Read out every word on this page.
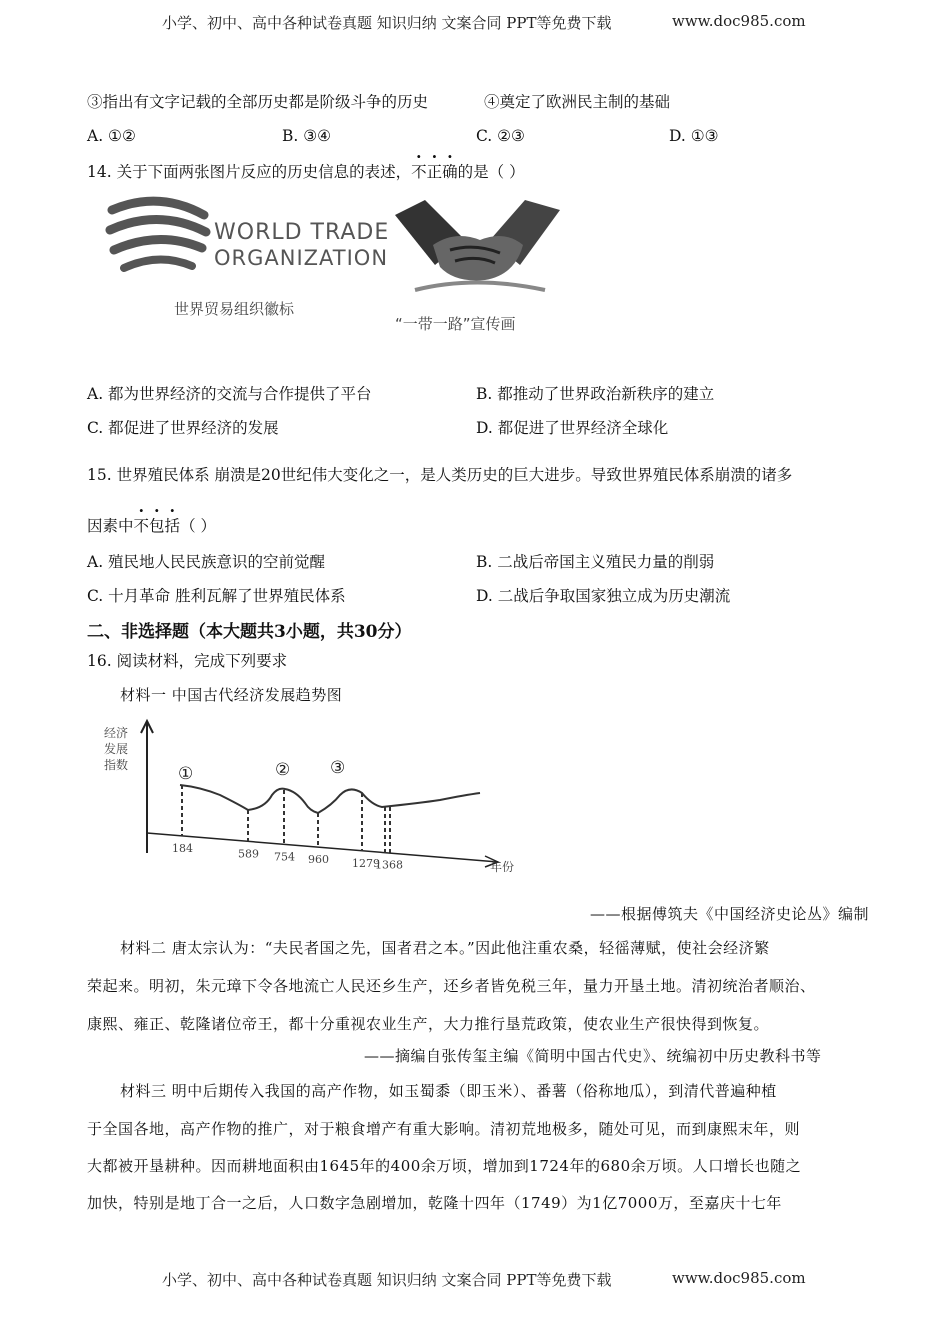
小学、初中、高中各种试卷真题 知识归纳 文案合同 PPT等免费下载	www.doc985.com
③指出有文字记载的全部历史都是阶级斗争的历史	④奠定了欧洲民主制的基础
A. ①②	B. ③④	C. ②③	D. ①③
14. 关于下面两张图片反应的历史信息的表述，不正确的是（ ）
WORLD TRADE
ORGANIZATION
世界贸易组织徽标
“一带一路”宣传画
A. 都为世界经济的交流与合作提供了平台	B. 都推动了世界政治新秩序的建立
C. 都促进了世界经济的发展	D. 都促进了世界经济全球化
15. 世界殖民体系 崩溃是20世纪伟大变化之一，是人类历史的巨大进步。导致世界殖民体系崩溃的诸多
因素中不包括（ ）
A. 殖民地人民民族意识的空前觉醒	B. 二战后帝国主义殖民力量的削弱
C. 十月革命 胜利瓦解了世界殖民体系	D. 二战后争取国家独立成为历史潮流
二、非选择题（本大题共3小题，共30分）
16. 阅读材料，完成下列要求
材料一 中国古代经济发展趋势图
经济
发展
指数
年份
184	589 754 960 1279
1368
①	② ③
——根据傅筑夫《中国经济史论丛》编制
材料二 唐太宗认为：“夫民者国之先，国者君之本。”因此他注重农桑，轻徭薄赋，使社会经济繁
荣起来。明初，朱元璋下令各地流亡人民还乡生产，还乡者皆免税三年，量力开垦土地。清初统治者顺治、
康熙、雍正、乾隆诸位帝王，都十分重视农业生产，大力推行垦荒政策，使农业生产很快得到恢复。
——摘编自张传玺主编《简明中国古代史》、统编初中历史教科书等
材料三 明中后期传入我国的高产作物，如玉蜀黍（即玉米）、番薯（俗称地瓜），到清代普遍种植
于全国各地，高产作物的推广，对于粮食增产有重大影响。清初荒地极多，随处可见，而到康熙末年，则
大都被开垦耕种。因而耕地面积由1645年的400余万顷，增加到1724年的680余万顷。人口增长也随之
加快，特别是地丁合一之后，人口数字急剧增加，乾隆十四年（1749）为1亿7000万，至嘉庆十七年
小学、初中、高中各种试卷真题 知识归纳 文案合同 PPT等免费下载	www.doc985.com
